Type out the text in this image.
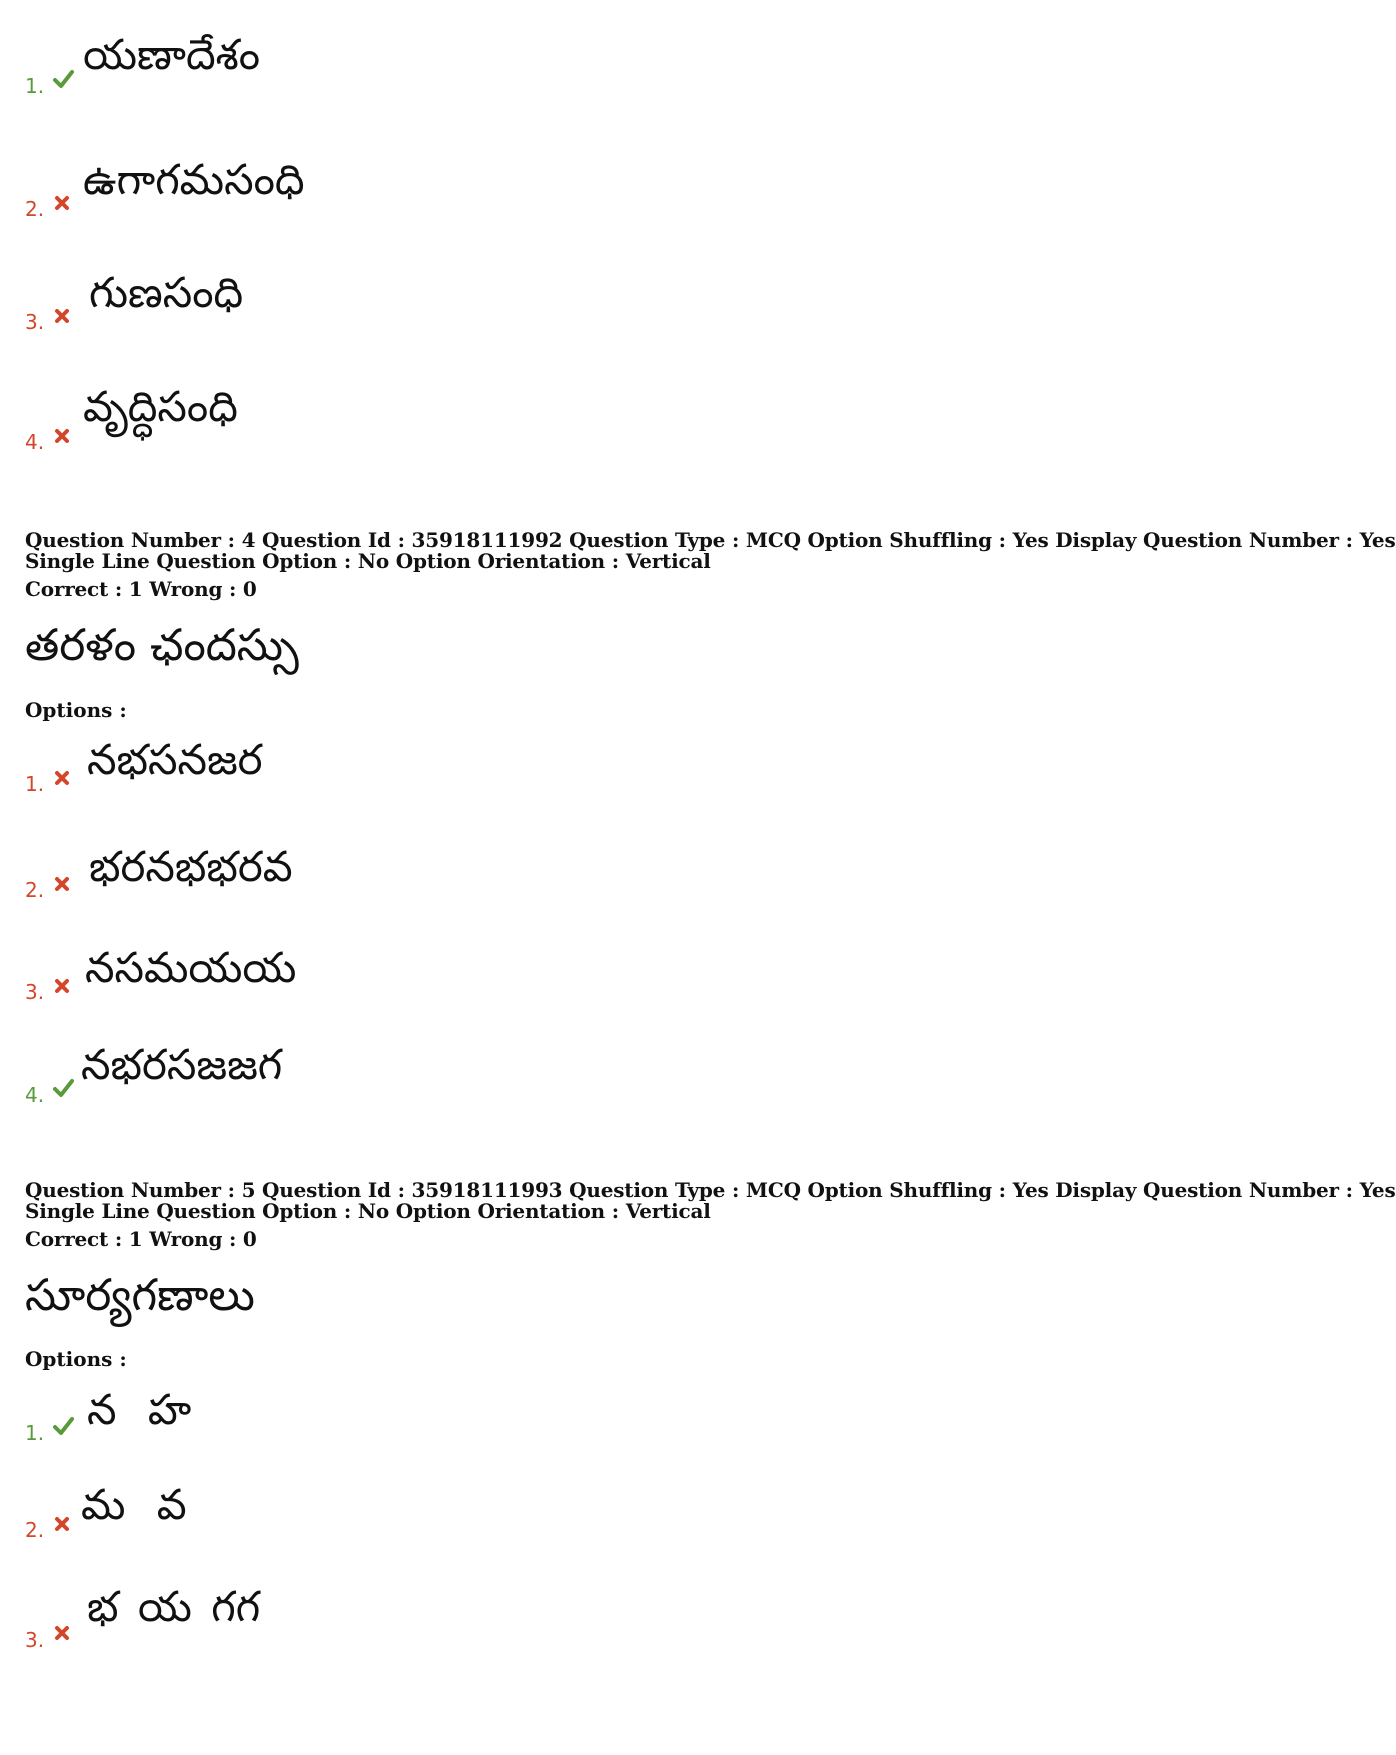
1.
యణాదేశం
2.
ఉగాగమసంధి
3.
గుణసంధి
4.
వృద్ధిసంధి
Question Number : 4 Question Id : 35918111992 Question Type : MCQ Option Shuffling : Yes Display Question Number : Yes
Single Line Question Option : No Option Orientation : Vertical
Correct : 1 Wrong : 0
తరళం ఛందస్సు
Options :
1. నభసనజర
2. భరనభభరవ
3. నసమయయ
4.
నభరసజజగ
Question Number : 5 Question Id : 35918111993 Question Type : MCQ Option Shuffling : Yes Display Question Number : Yes
Single Line Question Option : No Option Orientation : Vertical
Correct : 1 Wrong : 0
సూర్యగణాలు
Options :
1. న హ
2.
మ వ
3.
భ య గగ
